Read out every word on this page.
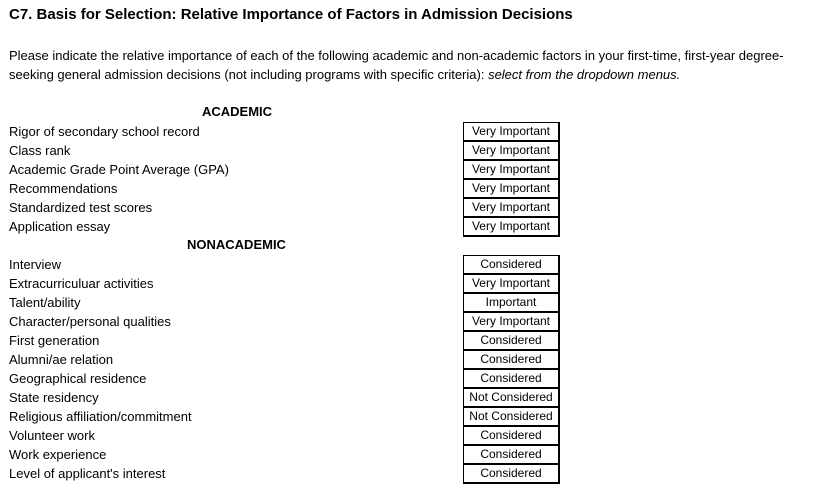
C7. Basis for Selection: Relative Importance of Factors in Admission Decisions
Please indicate the relative importance of each of the following academic and non-academic factors in your first-time, first-year degree-seeking general admission decisions (not including programs with specific criteria): select from the dropdown menus.
ACADEMIC
Rigor of secondary school record	Very Important
Class rank	Very Important
Academic Grade Point Average (GPA)	Very Important
Recommendations	Very Important
Standardized test scores	Very Important
Application essay	Very Important
NONACADEMIC
Interview	Considered
Extracurriculuar activities	Very Important
Talent/ability	Important
Character/personal qualities	Very Important
First generation	Considered
Alumni/ae relation	Considered
Geographical residence	Considered
State residency	Not Considered
Religious affiliation/commitment	Not Considered
Volunteer work	Considered
Work experience	Considered
Level of applicant's interest	Considered
